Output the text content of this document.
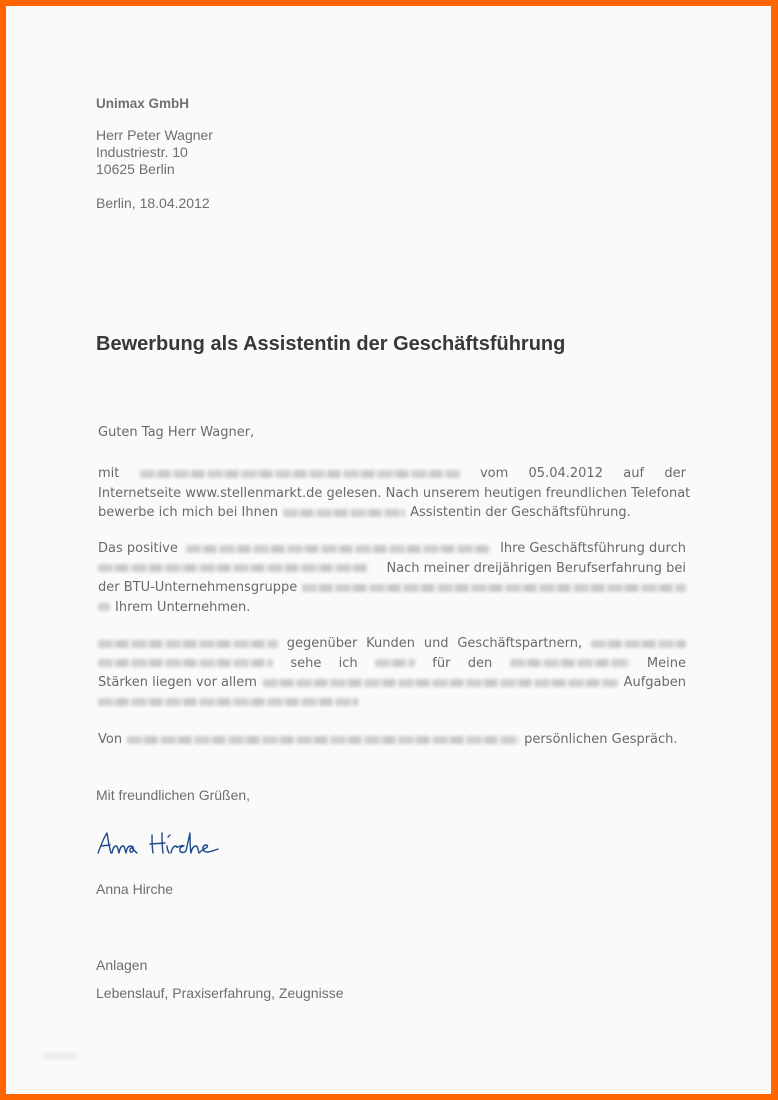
Unimax GmbH
Herr Peter Wagner
Industriestr. 10
10625 Berlin
Berlin, 18.04.2012
Bewerbung als Assistentin der Geschäftsführung
Guten Tag Herr Wagner,
mit	vom 05.04.2012 auf der
Internetseite www.stellenmarkt.de gelesen. Nach unserem heutigen freundlichen Telefonat
bewerbe ich mich bei Ihnen	Assistentin der Geschäftsführung.
Das positive	Ihre Geschäftsführung durch
Nach meiner dreijährigen Berufserfahrung bei
der BTU-Unternehmensgruppe
Ihrem Unternehmen.
gegenüber Kunden und Geschäftspartnern,
sehe ich	für den	Meine
Stärken liegen vor allem	Aufgaben
Von	persönlichen Gespräch.
Mit freundlichen Grüßen,
Anna Hirche
Anlagen
Lebenslauf, Praxiserfahrung, Zeugnisse
